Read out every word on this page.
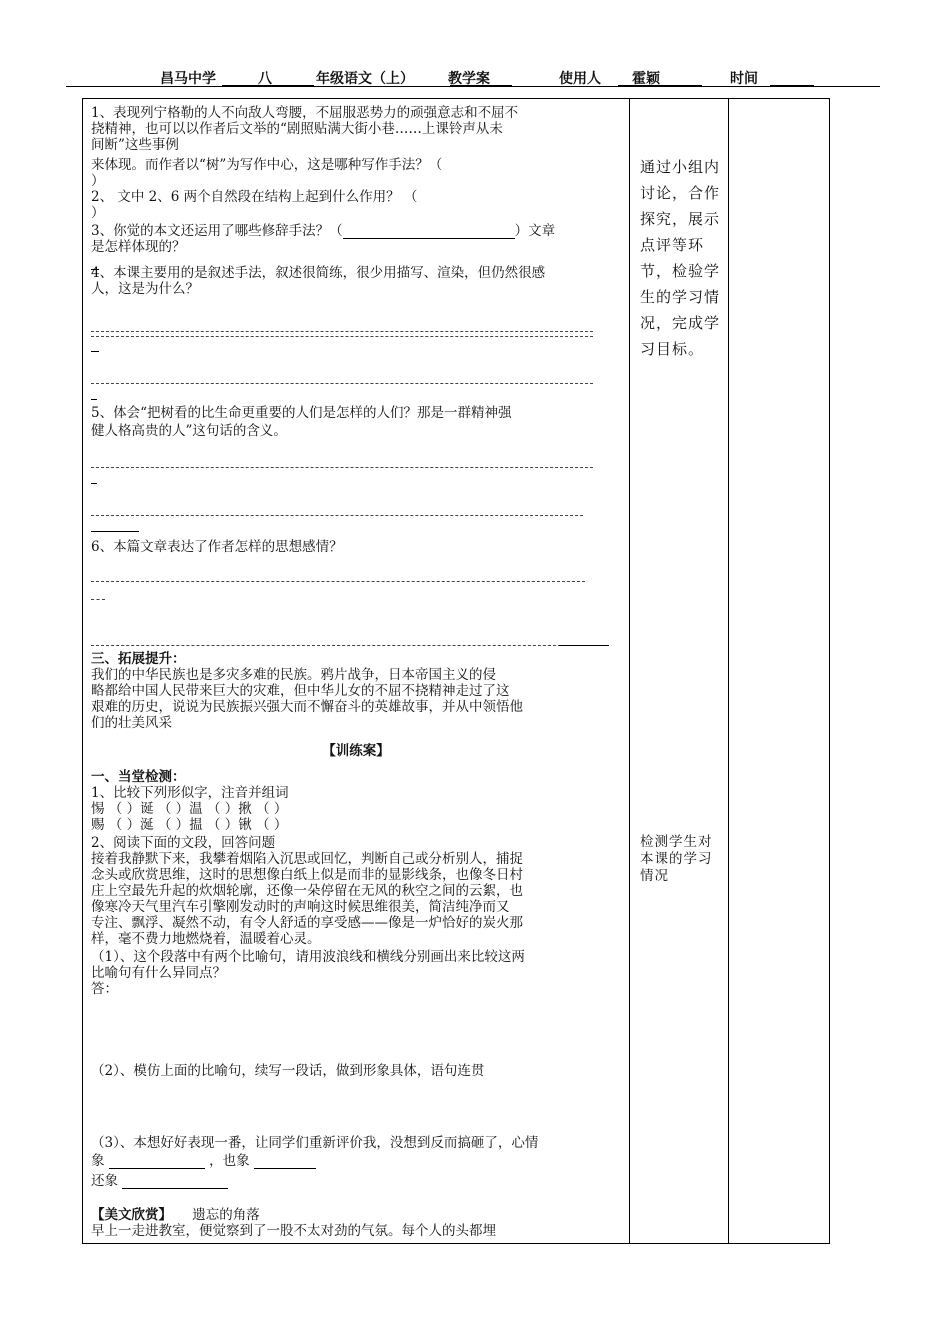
昌马中学	八	年级语文（上） 教学案	使用人 霍颖	时间
1、表现列宁格勒的人不向敌人弯腰，不屈服恶势力的顽强意志和不屈不
挠精神，也可以以作者后文举的“剧照贴满大街小巷……上课铃声从未
间断”这些事例
来体现。而作者以“树”为写作中心，这是哪种写作手法？（
）
2、 文中 2、6 两个自然段在结构上起到什么作用？ （
）
3、你觉的本文还运用了哪些修辞手法？（	）文章
是怎样体现的？
4、本课主要用的是叙述手法，叙述很简练，很少用描写、渲染，但仍然很感
人，这是为什么？
5、体会“把树看的比生命更重要的人们是怎样的人们？那是一群精神强
健人格高贵的人”这句话的含义。
6、本篇文章表达了作者怎样的思想感情？
三、拓展提升：
我们的中华民族也是多灾多难的民族。鸦片战争，日本帝国主义的侵
略都给中国人民带来巨大的灾难，但中华儿女的不屈不挠精神走过了这
艰难的历史，说说为民族振兴强大而不懈奋斗的英雄故事，并从中领悟他
们的壮美风采
【训练案】
一、当堂检测：
1、比较下列形似字，注音并组词
惕 （ ）诞 （ ）温 （ ）揪 （ ）
赐 （ ）涎 （ ）揾 （ ）锹 （ ）
2、阅读下面的文段，回答问题
接着我静默下来，我攀着烟陷入沉思或回忆，判断自己或分析别人，捕捉
念头或欣赏思维，这时的思想像白纸上似是而非的显影线条，也像冬日村
庄上空最先升起的炊烟轮廓，还像一朵停留在无风的秋空之间的云絮，也
像寒冷天气里汽车引擎刚发动时的声响这时候思维很美，简洁纯净而又
专注、飘浮、凝然不动，有令人舒适的享受感——像是一炉恰好的炭火那
样，毫不费力地燃烧着，温暖着心灵。
（1）、这个段落中有两个比喻句，请用波浪线和横线分别画出来比较这两
比喻句有什么异同点？
答：
（2）、模仿上面的比喻句，续写一段话，做到形象具体，语句连贯
（3）、本想好好表现一番，让同学们重新评价我，没想到反而搞砸了，心情
象	，也象
还象
【美文欣赏】 遗忘的角落
早上一走进教室，便觉察到了一股不太对劲的气氛。每个人的头都埋

通过小组内讨论，合作探究，展示点评等环节，检验学生的学习情况，完成学习目标。
检测学生对本课的学习情况
